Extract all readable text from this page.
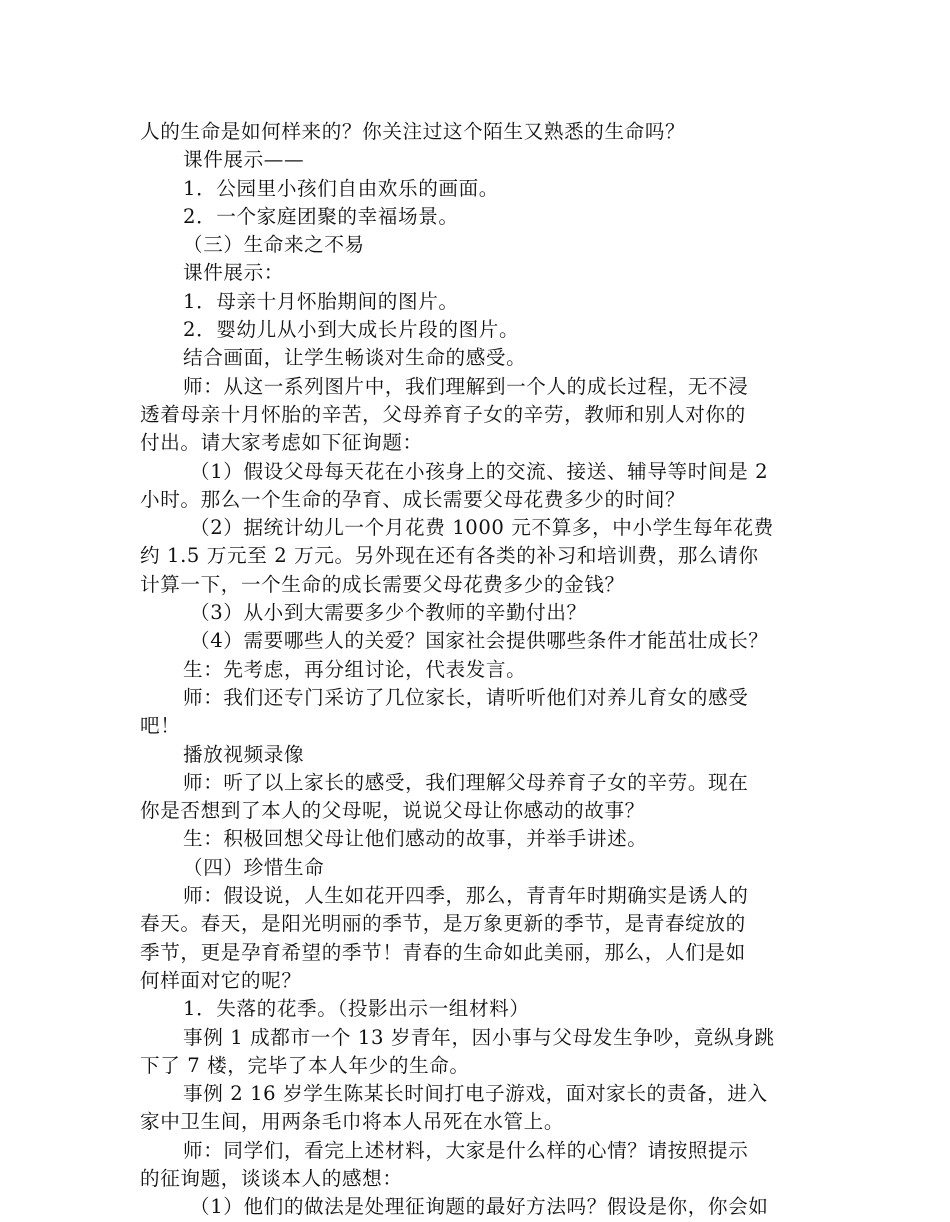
人的生命是如何样来的？你关注过这个陌生又熟悉的生命吗？
课件展示——
1．公园里小孩们自由欢乐的画面。
2．一个家庭团聚的幸福场景。
（三）生命来之不易
课件展示：
1．母亲十月怀胎期间的图片。
2．婴幼儿从小到大成长片段的图片。
结合画面，让学生畅谈对生命的感受。
师：从这一系列图片中，我们理解到一个人的成长过程，无不浸
透着母亲十月怀胎的辛苦，父母养育子女的辛劳，教师和别人对你的
付出。请大家考虑如下征询题：
（1）假设父母每天花在小孩身上的交流、接送、辅导等时间是 2
小时。那么一个生命的孕育、成长需要父母花费多少的时间？
（2）据统计幼儿一个月花费 1000 元不算多，中小学生每年花费
约 1.5 万元至 2 万元。另外现在还有各类的补习和培训费，那么请你
计算一下，一个生命的成长需要父母花费多少的金钱？
（3）从小到大需要多少个教师的辛勤付出？
（4）需要哪些人的关爱？国家社会提供哪些条件才能茁壮成长？
生：先考虑，再分组讨论，代表发言。
师：我们还专门采访了几位家长，请听听他们对养儿育女的感受
吧！
播放视频录像
师：听了以上家长的感受，我们理解父母养育子女的辛劳。现在
你是否想到了本人的父母呢，说说父母让你感动的故事？
生：积极回想父母让他们感动的故事，并举手讲述。
（四）珍惜生命
师：假设说，人生如花开四季，那么，青青年时期确实是诱人的
春天。春天，是阳光明丽的季节，是万象更新的季节，是青春绽放的
季节，更是孕育希望的季节！青春的生命如此美丽，那么，人们是如
何样面对它的呢？
1．失落的花季。（投影出示一组材料）
事例 1 成都市一个 13 岁青年，因小事与父母发生争吵，竟纵身跳
下了 7 楼，完毕了本人年少的生命。
事例 2 16 岁学生陈某长时间打电子游戏，面对家长的责备，进入
家中卫生间，用两条毛巾将本人吊死在水管上。
师：同学们，看完上述材料，大家是什么样的心情？请按照提示
的征询题，谈谈本人的感想：
（1）他们的做法是处理征询题的最好方法吗？假设是你，你会如
